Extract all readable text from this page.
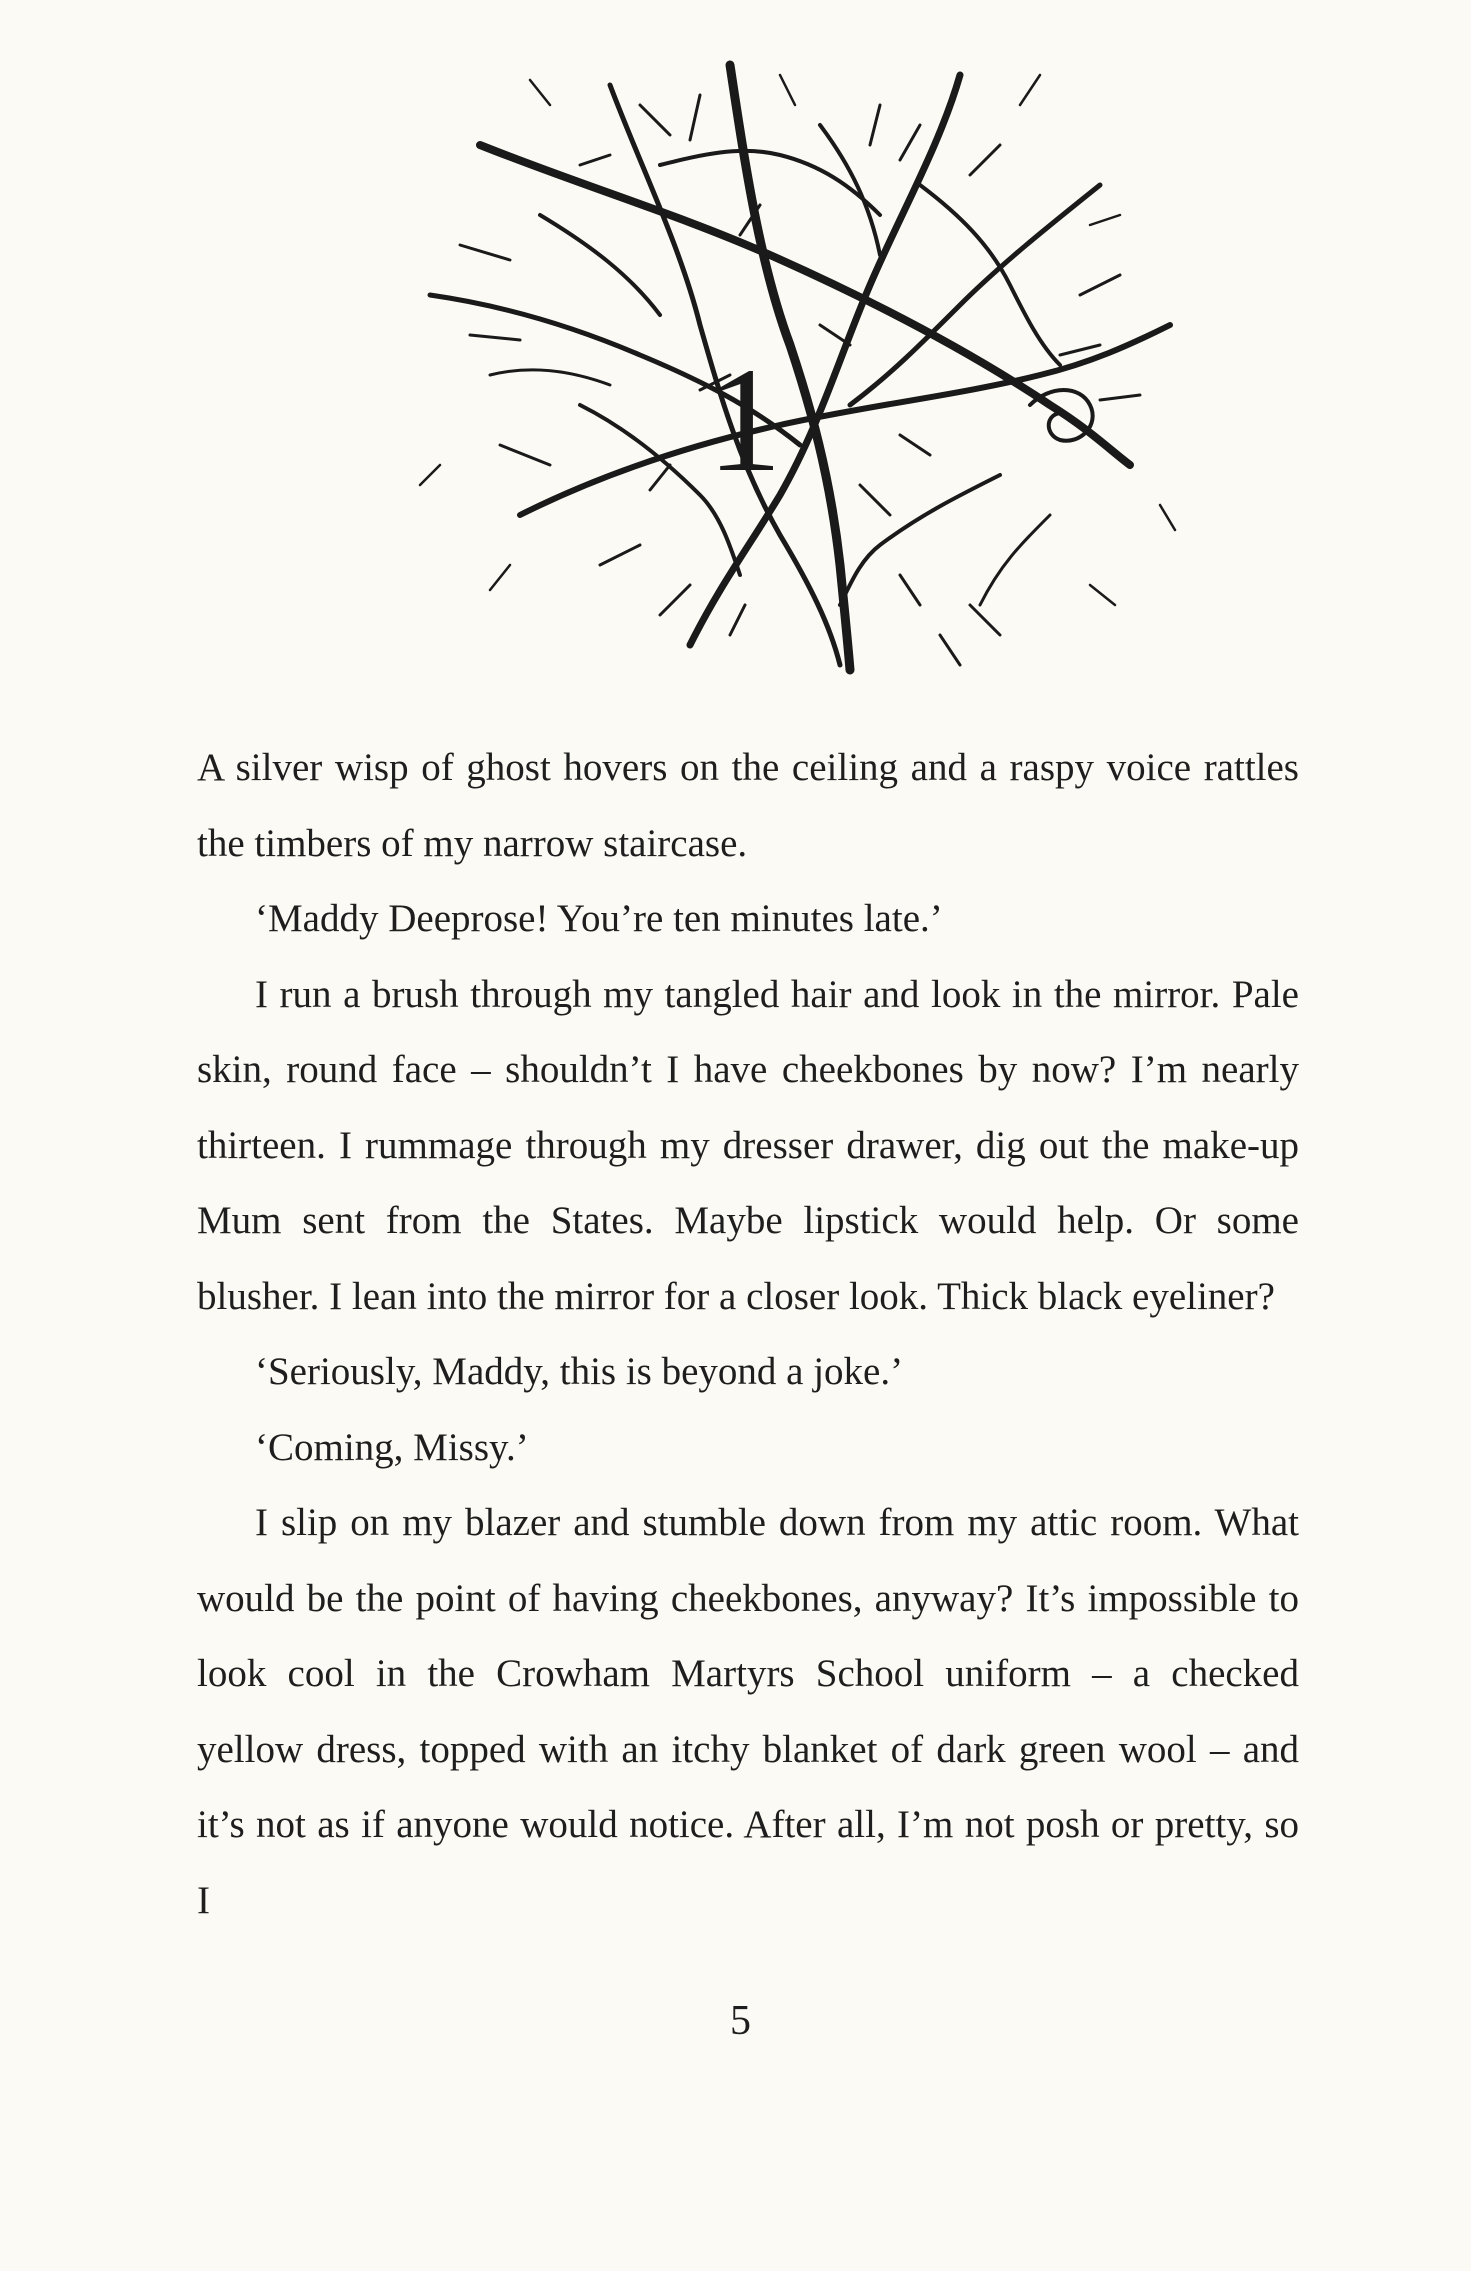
1

A silver wisp of ghost hovers on the ceiling and a raspy voice rattles the timbers of my narrow staircase.

‘Maddy Deeprose! You’re ten minutes late.’

I run a brush through my tangled hair and look in the mirror. Pale skin, round face – shouldn’t I have cheekbones by now? I’m nearly thirteen. I rummage through my dresser drawer, dig out the make-up Mum sent from the States. Maybe lipstick would help. Or some blusher. I lean into the mirror for a closer look. Thick black eyeliner?

‘Seriously, Maddy, this is beyond a joke.’

‘Coming, Missy.’

I slip on my blazer and stumble down from my attic room. What would be the point of having cheekbones, anyway? It’s impossible to look cool in the Crowham Martyrs School uniform – a checked yellow dress, topped with an itchy blanket of dark green wool – and it’s not as if anyone would notice. After all, I’m not posh or pretty, so I

5
